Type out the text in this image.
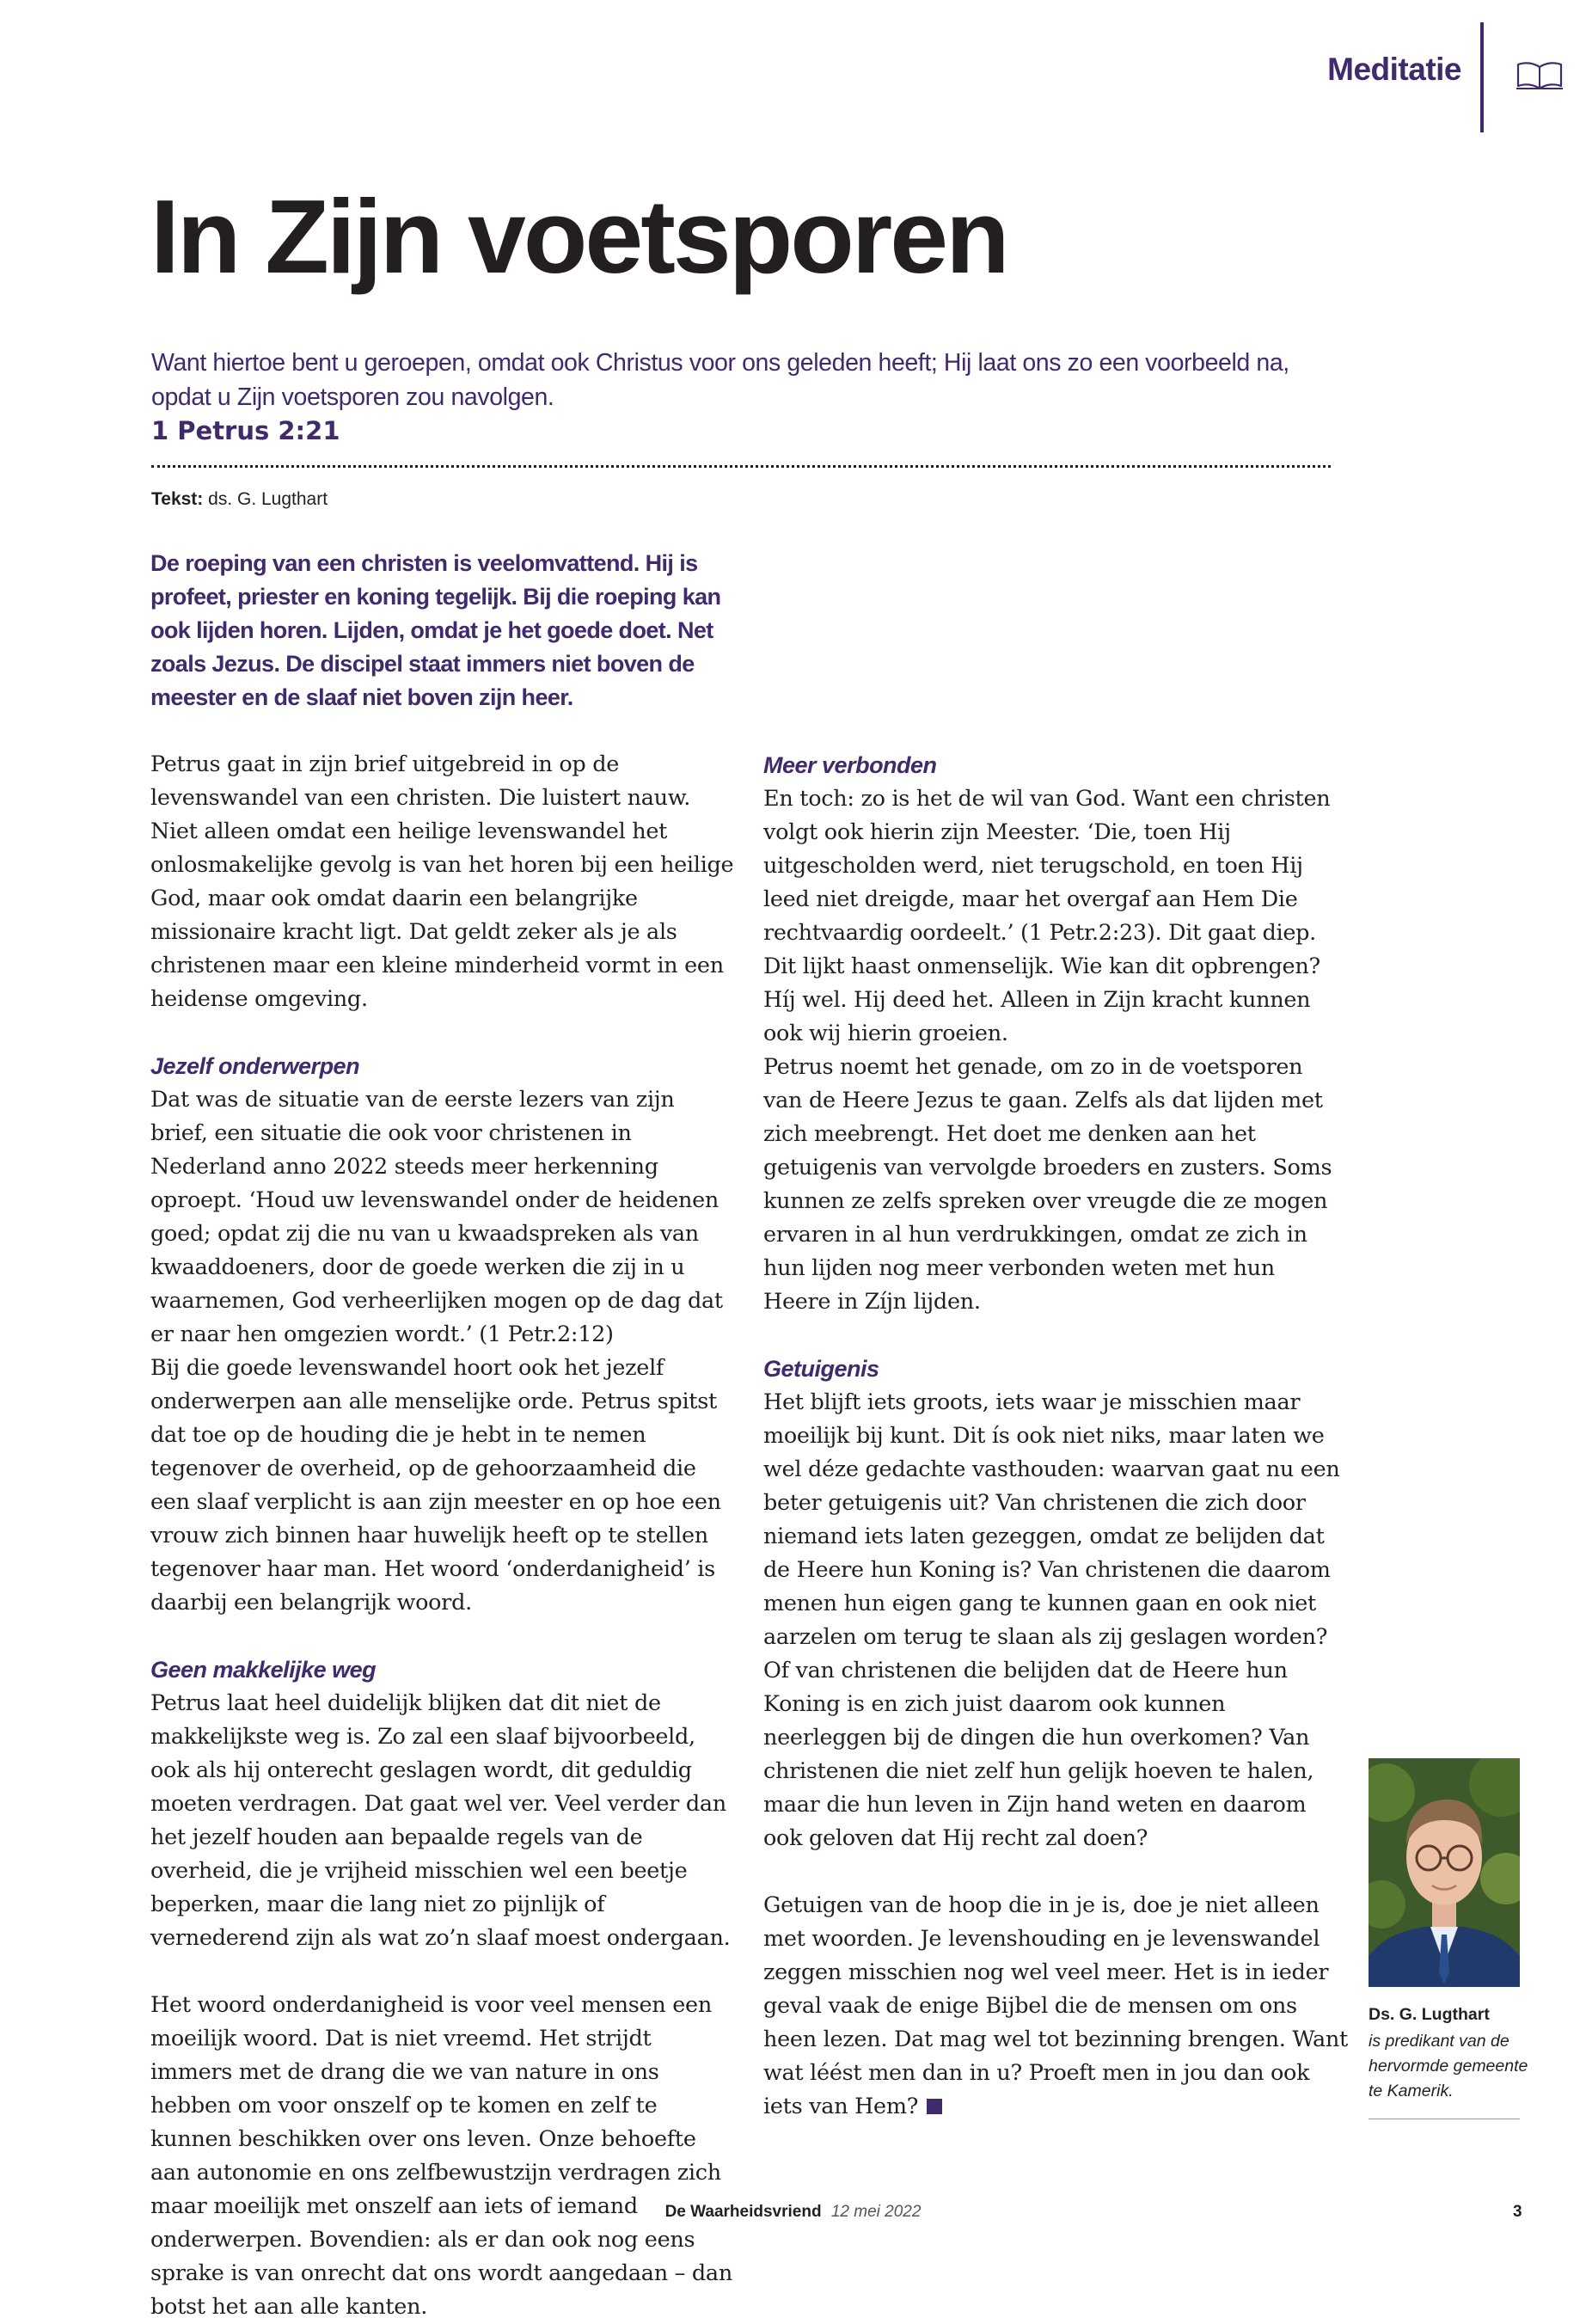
Meditatie
In Zijn voetsporen
Want hiertoe bent u geroepen, omdat ook Christus voor ons geleden heeft; Hij laat ons zo een voorbeeld na, opdat u Zijn voetsporen zou navolgen.
1 Petrus 2:21
Tekst: ds. G. Lugthart

De roeping van een christen is veelomvattend. Hij is profeet, priester en koning tegelijk. Bij die roeping kan ook lijden horen. Lijden, omdat je het goede doet. Net zoals Jezus. De discipel staat immers niet boven de meester en de slaaf niet boven zijn heer.

Petrus gaat in zijn brief uitgebreid in op de levenswandel van een christen. Die luistert nauw. Niet alleen omdat een heilige levenswandel het onlosmakelijke gevolg is van het horen bij een heilige God, maar ook omdat daarin een belangrijke missionaire kracht ligt. Dat geldt zeker als je als christenen maar een kleine minderheid vormt in een heidense omgeving.

Jezelf onderwerpen

Dat was de situatie van de eerste lezers van zijn brief, een situatie die ook voor christenen in Nederland anno 2022 steeds meer herkenning oproept. ‘Houd uw levenswandel onder de heidenen goed; opdat zij die nu van u kwaadspreken als van kwaaddoeners, door de goede werken die zij in u waarnemen, God verheerlijken mogen op de dag dat er naar hen omgezien wordt.’ (1 Petr.2:12)

Bij die goede levenswandel hoort ook het jezelf onderwerpen aan alle menselijke orde. Petrus spitst dat toe op de houding die je hebt in te nemen tegenover de overheid, op de gehoorzaamheid die een slaaf verplicht is aan zijn meester en op hoe een vrouw zich binnen haar huwelijk heeft op te stellen tegenover haar man. Het woord ‘onderdanigheid’ is daarbij een belangrijk woord.

Geen makkelijke weg

Petrus laat heel duidelijk blijken dat dit niet de makkelijkste weg is. Zo zal een slaaf bijvoorbeeld, ook als hij onterecht geslagen wordt, dit geduldig moeten verdragen. Dat gaat wel ver. Veel verder dan het jezelf houden aan bepaalde regels van de overheid, die je vrijheid misschien wel een beetje beperken, maar die lang niet zo pijnlijk of vernederend zijn als wat zo’n slaaf moest ondergaan.

Het woord onderdanigheid is voor veel mensen een moeilijk woord. Dat is niet vreemd. Het strijdt immers met de drang die we van nature in ons hebben om voor onszelf op te komen en zelf te kunnen beschikken over ons leven. Onze behoefte aan autonomie en ons zelfbewustzijn verdragen zich maar moeilijk met onszelf aan iets of iemand onderwerpen. Bovendien: als er dan ook nog eens sprake is van onrecht dat ons wordt aangedaan – dan botst het aan alle kanten.

Meer verbonden

En toch: zo is het de wil van God. Want een christen volgt ook hierin zijn Meester. ‘Die, toen Hij uitgescholden werd, niet terugschold, en toen Hij leed niet dreigde, maar het overgaf aan Hem Die rechtvaardig oordeelt.’ (1 Petr.2:23). Dit gaat diep. Dit lijkt haast onmenselijk. Wie kan dit opbrengen? Híj wel. Hij deed het. Alleen in Zijn kracht kunnen ook wij hierin groeien.

Petrus noemt het genade, om zo in de voetsporen van de Heere Jezus te gaan. Zelfs als dat lijden met zich meebrengt. Het doet me denken aan het getuigenis van vervolgde broeders en zusters. Soms kunnen ze zelfs spreken over vreugde die ze mogen ervaren in al hun verdrukkingen, omdat ze zich in hun lijden nog meer verbonden weten met hun Heere in Zíjn lijden.

Getuigenis

Het blijft iets groots, iets waar je misschien maar moeilijk bij kunt. Dit ís ook niet niks, maar laten we wel déze gedachte vasthouden: waarvan gaat nu een beter getuigenis uit? Van christenen die zich door niemand iets laten gezeggen, omdat ze belijden dat de Heere hun Koning is? Van christenen die daarom menen hun eigen gang te kunnen gaan en ook niet aarzelen om terug te slaan als zij geslagen worden? Of van christenen die belijden dat de Heere hun Koning is en zich juist daarom ook kunnen neerleggen bij de dingen die hun overkomen? Van christenen die niet zelf hun gelijk hoeven te halen, maar die hun leven in Zijn hand weten en daarom ook geloven dat Hij recht zal doen?

Getuigen van de hoop die in je is, doe je niet alleen met woorden. Je levenshouding en je levenswandel zeggen misschien nog wel veel meer. Het is in ieder geval vaak de enige Bijbel die de mensen om ons heen lezen. Dat mag wel tot bezinning brengen. Want wat léést men dan in u? Proeft men in jou dan ook iets van Hem?

Ds. G. Lugthart
is predikant van de hervormde gemeente te Kamerik.
De Waarheidsvriend 12 mei 2022	3
